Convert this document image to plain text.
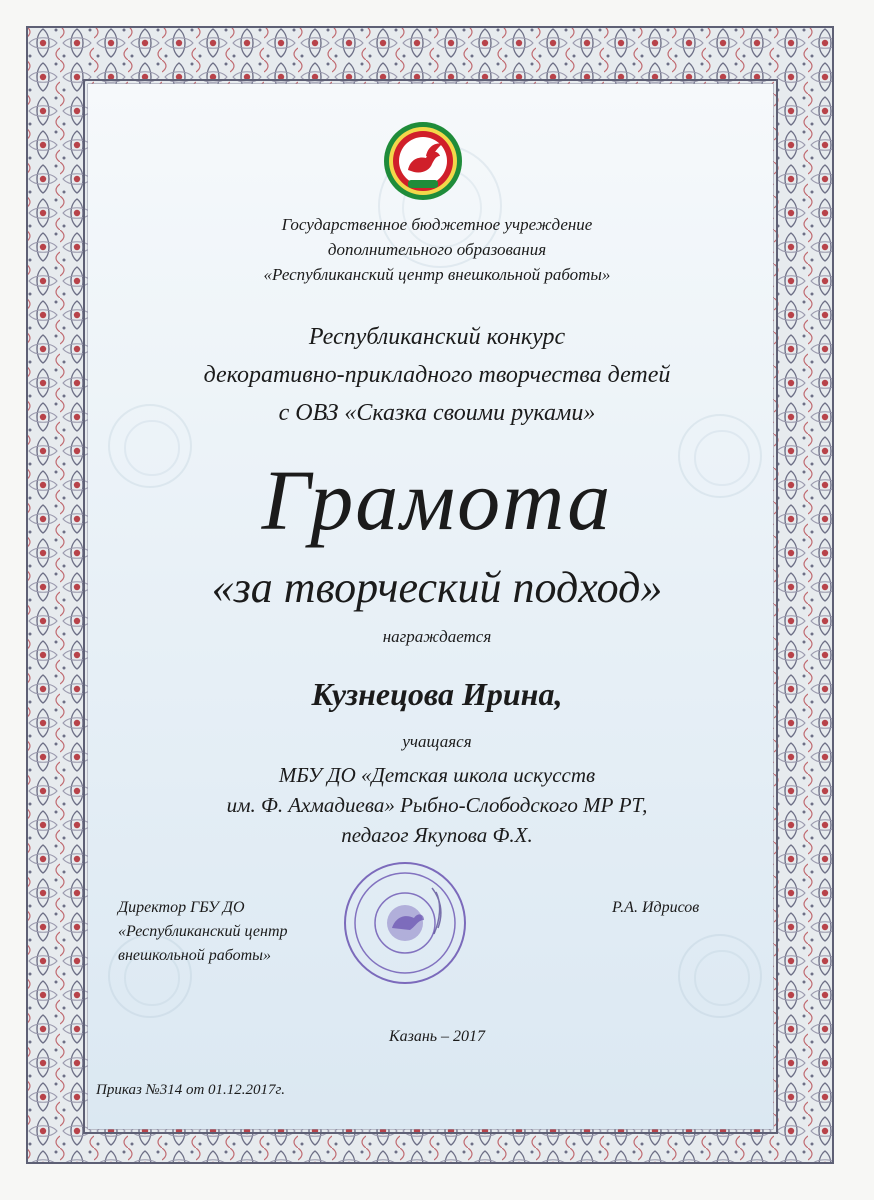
Государственное бюджетное учреждение
дополнительного образования
«Республиканский центр внешкольной работы»
Республиканский конкурс
декоративно-прикладного творчества детей
с ОВЗ «Сказка своими руками»
Грамота
«за творческий подход»
награждается
Кузнецова Ирина,
учащаяся
МБУ ДО «Детская школа искусств
им. Ф. Ахмадиева» Рыбно-Слободского МР РТ,
педагог Якупова Ф.Х.
Директор ГБУ ДО
«Республиканский центр
внешкольной работы»
Р.А. Идрисов
Казань – 2017
Приказ №314 от 01.12.2017г.
